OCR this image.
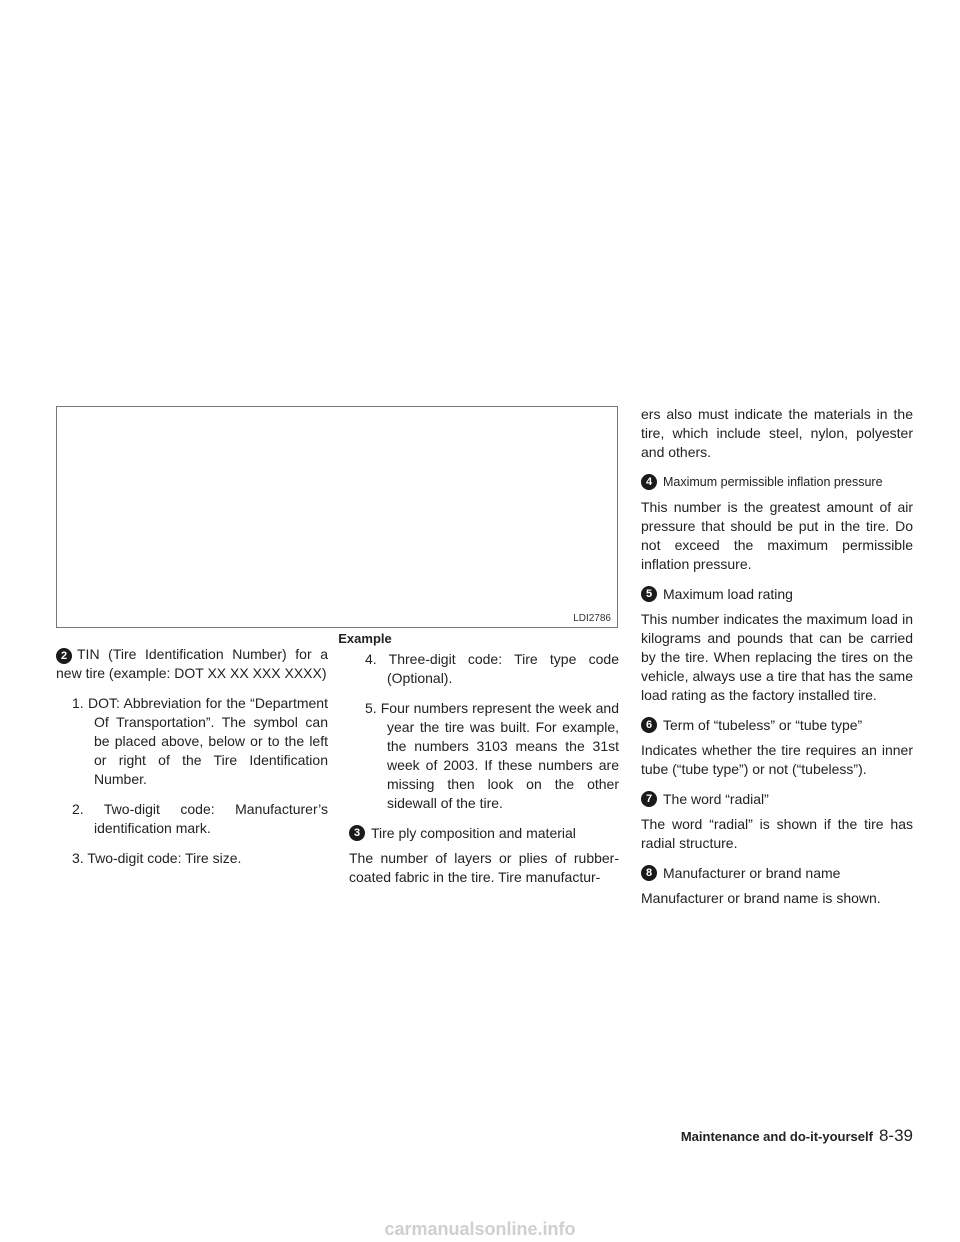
LDI2786
Example

2 TIN (Tire Identification Number) for a new tire (example: DOT XX XX XXX XXXX)

1. DOT: Abbreviation for the “Department Of Transportation”. The symbol can be placed above, below or to the left or right of the Tire Identification Number.
2. Two-digit code: Manufacturer’s identification mark.
3. Two-digit code: Tire size.
4. Three-digit code: Tire type code (Optional).
5. Four numbers represent the week and year the tire was built. For example, the numbers 3103 means the 31st week of 2003. If these numbers are missing then look on the other sidewall of the tire.
3 Tire ply composition and material

The number of layers or plies of rubber-coated fabric in the tire. Tire manufactur-

ers also must indicate the materials in the tire, which include steel, nylon, polyester and others.

4 Maximum permissible inflation pressure

This number is the greatest amount of air pressure that should be put in the tire. Do not exceed the maximum permissible inflation pressure.

5 Maximum load rating

This number indicates the maximum load in kilograms and pounds that can be carried by the tire. When replacing the tires on the vehicle, always use a tire that has the same load rating as the factory installed tire.

6 Term of “tubeless” or “tube type”

Indicates whether the tire requires an inner tube (“tube type”) or not (“tubeless”).

7 The word “radial”

The word “radial” is shown if the tire has radial structure.

8 Manufacturer or brand name

Manufacturer or brand name is shown.

Maintenance and do-it-yourself 8-39
carmanualsonline.info
